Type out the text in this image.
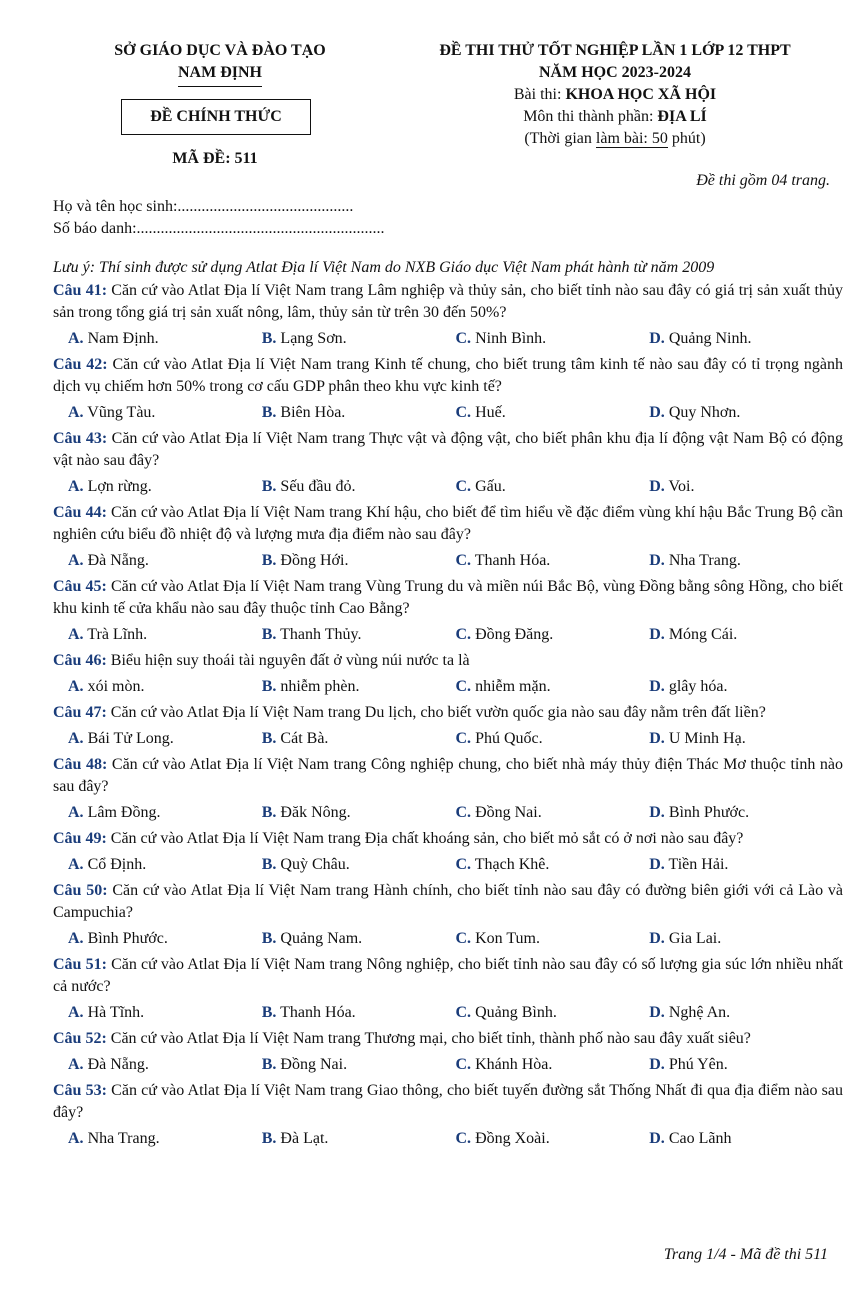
SỞ GIÁO DỤC VÀ ĐÀO TẠO
NAM ĐỊNH
ĐỀ THI THỬ TỐT NGHIỆP LẦN 1 LỚP 12 THPT
NĂM HỌC 2023-2024
Bài thi: KHOA HỌC XÃ HỘI
Môn thi thành phần: ĐỊA LÍ
(Thời gian làm bài: 50 phút)
ĐỀ CHÍNH THỨC
MÃ ĐỀ: 511
Đề thi gồm 04 trang.
Họ và tên học sinh:............................................
Số báo danh:..............................................................
Lưu ý: Thí sinh được sử dụng Atlat Địa lí Việt Nam do NXB Giáo dục Việt Nam phát hành từ năm 2009
Câu 41: Căn cứ vào Atlat Địa lí Việt Nam trang Lâm nghiệp và thủy sản, cho biết tỉnh nào sau đây có giá trị sản xuất thủy sản trong tổng giá trị sản xuất nông, lâm, thủy sản từ trên 30 đến 50%?
A. Nam Định.	B. Lạng Sơn.	C. Ninh Bình.	D. Quảng Ninh.
Câu 42: Căn cứ vào Atlat Địa lí Việt Nam trang Kinh tế chung, cho biết trung tâm kinh tế nào sau đây có tỉ trọng ngành dịch vụ chiếm hơn 50% trong cơ cấu GDP phân theo khu vực kinh tế?
A. Vũng Tàu.	B. Biên Hòa.	C. Huế.	D. Quy Nhơn.
Câu 43: Căn cứ vào Atlat Địa lí Việt Nam trang Thực vật và động vật, cho biết phân khu địa lí động vật Nam Bộ có động vật nào sau đây?
A. Lợn rừng.	B. Sếu đầu đỏ.	C. Gấu.	D. Voi.
Câu 44: Căn cứ vào Atlat Địa lí Việt Nam trang Khí hậu, cho biết để tìm hiểu về đặc điểm vùng khí hậu Bắc Trung Bộ cần nghiên cứu biểu đồ nhiệt độ và lượng mưa địa điểm nào sau đây?
A. Đà Nẵng.	B. Đồng Hới.	C. Thanh Hóa.	D. Nha Trang.
Câu 45: Căn cứ vào Atlat Địa lí Việt Nam trang Vùng Trung du và miền núi Bắc Bộ, vùng Đồng bằng sông Hồng, cho biết khu kinh tế cửa khẩu nào sau đây thuộc tỉnh Cao Bằng?
A. Trà Lĩnh.	B. Thanh Thủy.	C. Đồng Đăng.	D. Móng Cái.
Câu 46: Biểu hiện suy thoái tài nguyên đất ở vùng núi nước ta là
A. xói mòn.	B. nhiễm phèn.	C. nhiễm mặn.	D. glây hóa.
Câu 47: Căn cứ vào Atlat Địa lí Việt Nam trang Du lịch, cho biết vườn quốc gia nào sau đây nằm trên đất liền?
A. Bái Tử Long.	B. Cát Bà.	C. Phú Quốc.	D. U Minh Hạ.
Câu 48: Căn cứ vào Atlat Địa lí Việt Nam trang Công nghiệp chung, cho biết nhà máy thủy điện Thác Mơ thuộc tỉnh nào sau đây?
A. Lâm Đồng.	B. Đăk Nông.	C. Đồng Nai.	D. Bình Phước.
Câu 49: Căn cứ vào Atlat Địa lí Việt Nam trang Địa chất khoáng sản, cho biết mỏ sắt có ở nơi nào sau đây?
A. Cổ Định.	B. Quỳ Châu.	C. Thạch Khê.	D. Tiền Hải.
Câu 50: Căn cứ vào Atlat Địa lí Việt Nam trang Hành chính, cho biết tỉnh nào sau đây có đường biên giới với cả Lào và Campuchia?
A. Bình Phước.	B. Quảng Nam.	C. Kon Tum.	D. Gia Lai.
Câu 51: Căn cứ vào Atlat Địa lí Việt Nam trang Nông nghiệp, cho biết tỉnh nào sau đây có số lượng gia súc lớn nhiều nhất cả nước?
A. Hà Tĩnh.	B. Thanh Hóa.	C. Quảng Bình.	D. Nghệ An.
Câu 52: Căn cứ vào Atlat Địa lí Việt Nam trang Thương mại, cho biết tỉnh, thành phố nào sau đây xuất siêu?
A. Đà Nẵng.	B. Đồng Nai.	C. Khánh Hòa.	D. Phú Yên.
Câu 53: Căn cứ vào Atlat Địa lí Việt Nam trang Giao thông, cho biết tuyến đường sắt Thống Nhất đi qua địa điểm nào sau đây?
A. Nha Trang.	B. Đà Lạt.	C. Đồng Xoài.	D. Cao Lãnh
Trang 1/4 - Mã đề thi 511
